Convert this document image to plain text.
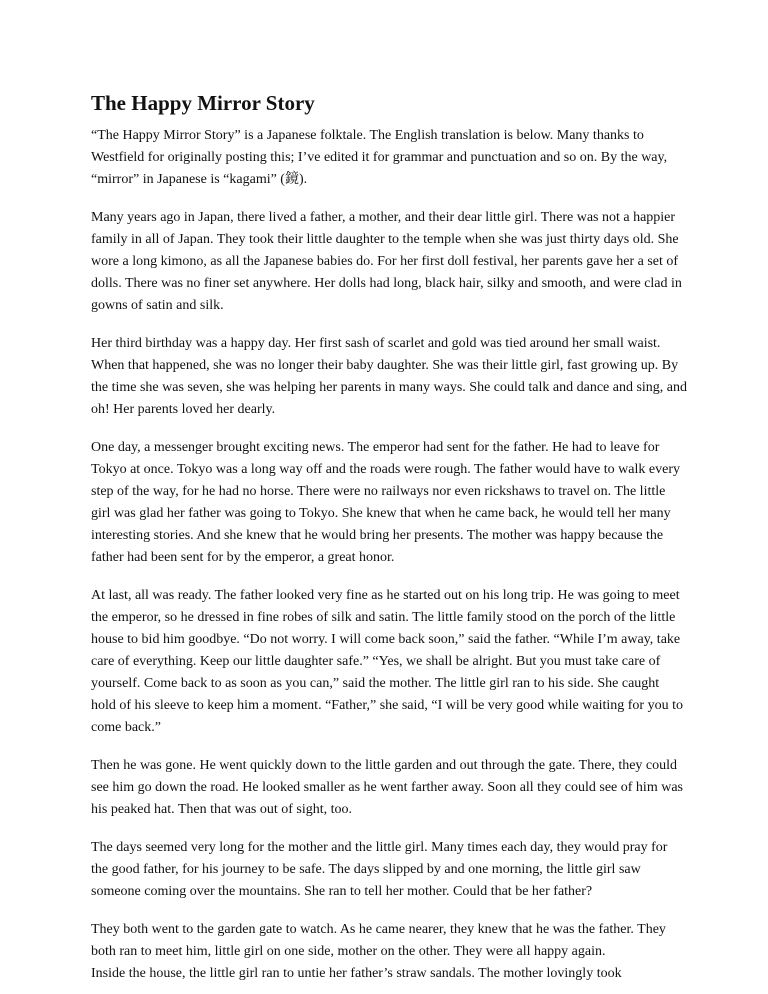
The Happy Mirror Story

“The Happy Mirror Story” is a Japanese folktale. The English translation is below. Many thanks to Westfield for originally posting this; I’ve edited it for grammar and punctuation and so on. By the way, “mirror” in Japanese is “kagami” (鏡).

Many years ago in Japan, there lived a father, a mother, and their dear little girl. There was not a happier family in all of Japan. They took their little daughter to the temple when she was just thirty days old. She wore a long kimono, as all the Japanese babies do. For her first doll festival, her parents gave her a set of dolls. There was no finer set anywhere. Her dolls had long, black hair, silky and smooth, and were clad in gowns of satin and silk.

Her third birthday was a happy day. Her first sash of scarlet and gold was tied around her small waist. When that happened, she was no longer their baby daughter. She was their little girl, fast growing up. By the time she was seven, she was helping her parents in many ways. She could talk and dance and sing, and oh! Her parents loved her dearly.

One day, a messenger brought exciting news. The emperor had sent for the father. He had to leave for Tokyo at once. Tokyo was a long way off and the roads were rough. The father would have to walk every step of the way, for he had no horse. There were no railways nor even rickshaws to travel on. The little girl was glad her father was going to Tokyo. She knew that when he came back, he would tell her many interesting stories. And she knew that he would bring her presents. The mother was happy because the father had been sent for by the emperor, a great honor.

At last, all was ready. The father looked very fine as he started out on his long trip. He was going to meet the emperor, so he dressed in fine robes of silk and satin. The little family stood on the porch of the little house to bid him goodbye. “Do not worry. I will come back soon,” said the father. “While I’m away, take care of everything. Keep our little daughter safe.” “Yes, we shall be alright. But you must take care of yourself. Come back to as soon as you can,” said the mother. The little girl ran to his side. She caught hold of his sleeve to keep him a moment. “Father,” she said, “I will be very good while waiting for you to come back.”

Then he was gone. He went quickly down to the little garden and out through the gate. There, they could see him go down the road. He looked smaller as he went farther away. Soon all they could see of him was his peaked hat. Then that was out of sight, too.

The days seemed very long for the mother and the little girl. Many times each day, they would pray for the good father, for his journey to be safe. The days slipped by and one morning, the little girl saw someone coming over the mountains. She ran to tell her mother. Could that be her father?

They both went to the garden gate to watch. As he came nearer, they knew that he was the father. They both ran to meet him, little girl on one side, mother on the other. They were all happy again.

Inside the house, the little girl ran to untie her father’s straw sandals. The mother lovingly took
